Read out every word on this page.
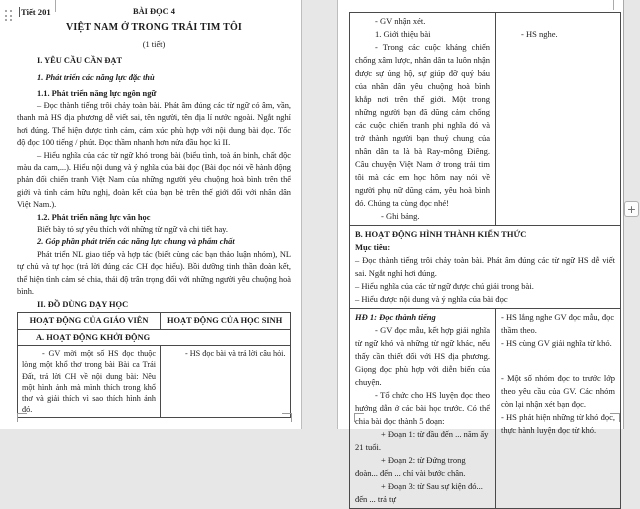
Tiết 201	BÀI ĐỌC 4
VIỆT NAM Ở TRONG TRÁI TIM TÔI
(1 tiết)
I. YÊU CẦU CẦN ĐẠT
1. Phát triển các năng lực đặc thù
1.1. Phát triển năng lực ngôn ngữ
– Đọc thành tiếng trôi chảy toàn bài. Phát âm đúng các từ ngữ có âm, vần, thanh mà HS địa phương dễ viết sai, tên người, tên địa lí nước ngoài. Ngắt nghỉ hơi đúng. Thể hiện được tình cảm, cảm xúc phù hợp với nội dung bài đọc. Tốc độ đọc 100 tiếng / phút. Đọc thầm nhanh hơn nửa đầu học kì II.
– Hiểu nghĩa của các từ ngữ khó trong bài (biểu tình, toà án binh, chất độc màu da cam,...). Hiểu nội dung và ý nghĩa của bài đọc (Bài đọc nói về hành động phản đối chiến tranh Việt Nam của những người yêu chuộng hoà bình trên thế giới và tình cảm hữu nghị, đoàn kết của bạn bè trên thế giới đối với nhân dân Việt Nam.).
1.2. Phát triển năng lực văn học
Biết bày tỏ sự yêu thích với những từ ngữ và chi tiết hay.
2. Góp phần phát triển các năng lực chung và phẩm chất
Phát triển NL giao tiếp và hợp tác (biết cùng các bạn thảo luận nhóm), NL tự chủ và tự học (trả lời đúng các CH đọc hiểu). Bồi dưỡng tinh thần đoàn kết, thể hiện tình cảm sẻ chia, thái độ trân trọng đối với những người yêu chuộng hoà bình.
II. ĐỒ DÙNG DẠY HỌC
HOẠT ĐỘNG CỦA GIÁO VIÊN	HOẠT ĐỘNG CỦA HỌC SINH
A. HOẠT ĐỘNG KHỞI ĐỘNG	

- GV mời một số HS đọc thuộc lòng một khổ thơ trong bài Bài ca Trái Đất, trả lời CH về nội dung bài: Nêu một hình ảnh mà mình thích trong khổ thơ và giải thích vì sao thích hình ảnh đó.	- HS đọc bài và trả lời câu hỏi.
- GV nhận xét.
1. Giới thiệu bài
- Trong các cuộc kháng chiến chống xâm lược, nhân dân ta luôn nhận được sự ủng hộ, sự giúp đỡ quý báu của nhân dân yêu chuộng hoà bình khắp nơi trên thế giới. Một trong những người bạn đã dũng cảm chống các cuộc chiến tranh phi nghĩa đó và trở thành người bạn thuỷ chung của nhân dân ta là bà Ray-mông Điêng. Câu chuyện Việt Nam ở trong trái tim tôi mà các em học hôm nay nói về người phụ nữ dũng cảm, yêu hoà bình đó. Chúng ta cùng đọc nhé!
- Ghi bảng.	- HS nghe.

B. HOẠT ĐỘNG HÌNH THÀNH KIẾN THỨC
Mục tiêu:
– Đọc thành tiếng trôi chảy toàn bài. Phát âm đúng các từ ngữ HS dễ viết sai. Ngắt nghỉ hơi đúng.
– Hiểu nghĩa của các từ ngữ được chú giải trong bài.
– Hiểu được nội dung và ý nghĩa của bài đọc	

HĐ 1: Đọc thành tiếng
- GV đọc mẫu, kết hợp giải nghĩa từ ngữ khó và những từ ngữ khác, nếu thấy cần thiết đối với HS địa phương. Giọng đọc phù hợp với diễn biến của chuyện.
- Tổ chức cho HS luyện đọc theo hướng dẫn ở các bài học trước. Có thể chia bài đọc thành 5 đoạn:
+ Đoạn 1: từ đầu đến ... năm ấy 21 tuổi.
+ Đoạn 2: từ Đứng trong đoàn... đến ... chỉ vài bước chân.
+ Đoạn 3: từ Sau sự kiện đó... đến ... trả tự

- HS lắng nghe GV đọc mẫu, đọc thầm theo.
- HS cùng GV giải nghĩa từ khó.
- Một số nhóm đọc to trước lớp theo yêu cầu của GV. Các nhóm còn lại nhận xét bạn đọc.
- HS phát hiện những từ khó đọc, thực hành luyện đọc từ khó.
+
